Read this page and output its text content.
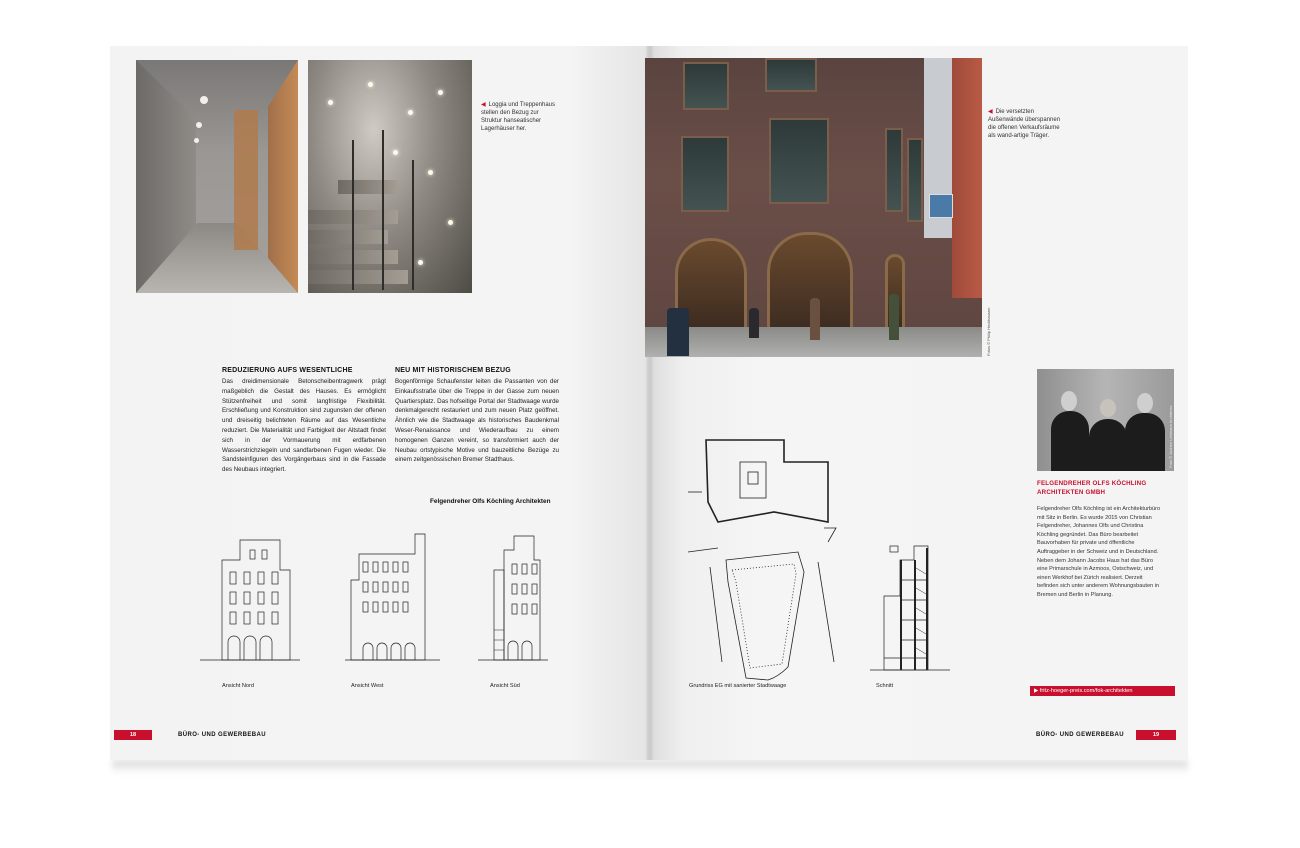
◀ Loggia und Treppenhaus stellen den Bezug zur Struktur hanseatischer Lagerhäuser her.
Fotos © Philip Heckhausen
◀ Die versetzten Außenwände überspannen die offenen Verkaufsräume als wand-artige Träger.
REDUZIERUNG AUFS WESENTLICHE
Das dreidimensionale Betonscheibentragwerk prägt maßgeblich die Gestalt des Hauses. Es ermöglicht Stützenfreiheit und somit langfristige Flexibilität. Erschließung und Konstruktion sind zugunsten der offenen und dreiseitig belichteten Räume auf das Wesentliche reduziert. Die Materialität und Farbigkeit der Altstadt findet sich in der Vormauerung mit erdfarbenen Wasserstrichziegeln und sandfarbenen Fugen wieder. Die Sandsteinfiguren des Vorgängerbaus sind in die Fassade des Neubaus integriert.
NEU MIT HISTORISCHEM BEZUG
Bogenförmige Schaufenster leiten die Passanten von der Einkaufsstraße über die Treppe in der Gasse zum neuen Quartiersplatz. Das hofseitige Portal der Stadtwaage wurde denkmalgerecht restauriert und zum neuen Platz geöffnet. Ähnlich wie die Stadtwaage als historisches Baudenkmal Weser-Renaissance und Wiederaufbau zu einem homogenen Ganzen vereint, so transformiert auch der Neubau ortstypische Motive und bauzeitliche Bezüge zu einem zeitgenössischen Bremer Stadthaus.
Felgendreher Olfs Köchling Architekten
Ansicht Nord	Ansicht West	Ansicht Süd	Grundriss EG mit sanierter Stadtwaage	Schnitt
Foto © Jochen Lehmann Architects
FELGENDREHER OLFS KÖCHLING
ARCHITEKTEN GMBH
Felgendreher Olfs Köchling ist ein Architekturbüro mit Sitz in Berlin. Es wurde 2015 von Christian Felgendreher, Johannes Olfs und Christina Köchling gegründet. Das Büro bearbeitet Bauvorhaben für private und öffentliche Auftraggeber in der Schweiz und in Deutschland. Neben dem Johann Jacobs Haus hat das Büro eine Primarschule in Azmoos, Ostschweiz, und einen Werkhof bei Zürich realisiert. Derzeit befinden sich unter anderem Wohnungsbauten in Bremen und Berlin in Planung.
▶ fritz-hoeger-preis.com/fok-architekten
18	BÜRO- UND GEWERBEBAU	BÜRO- UND GEWERBEBAU	19
